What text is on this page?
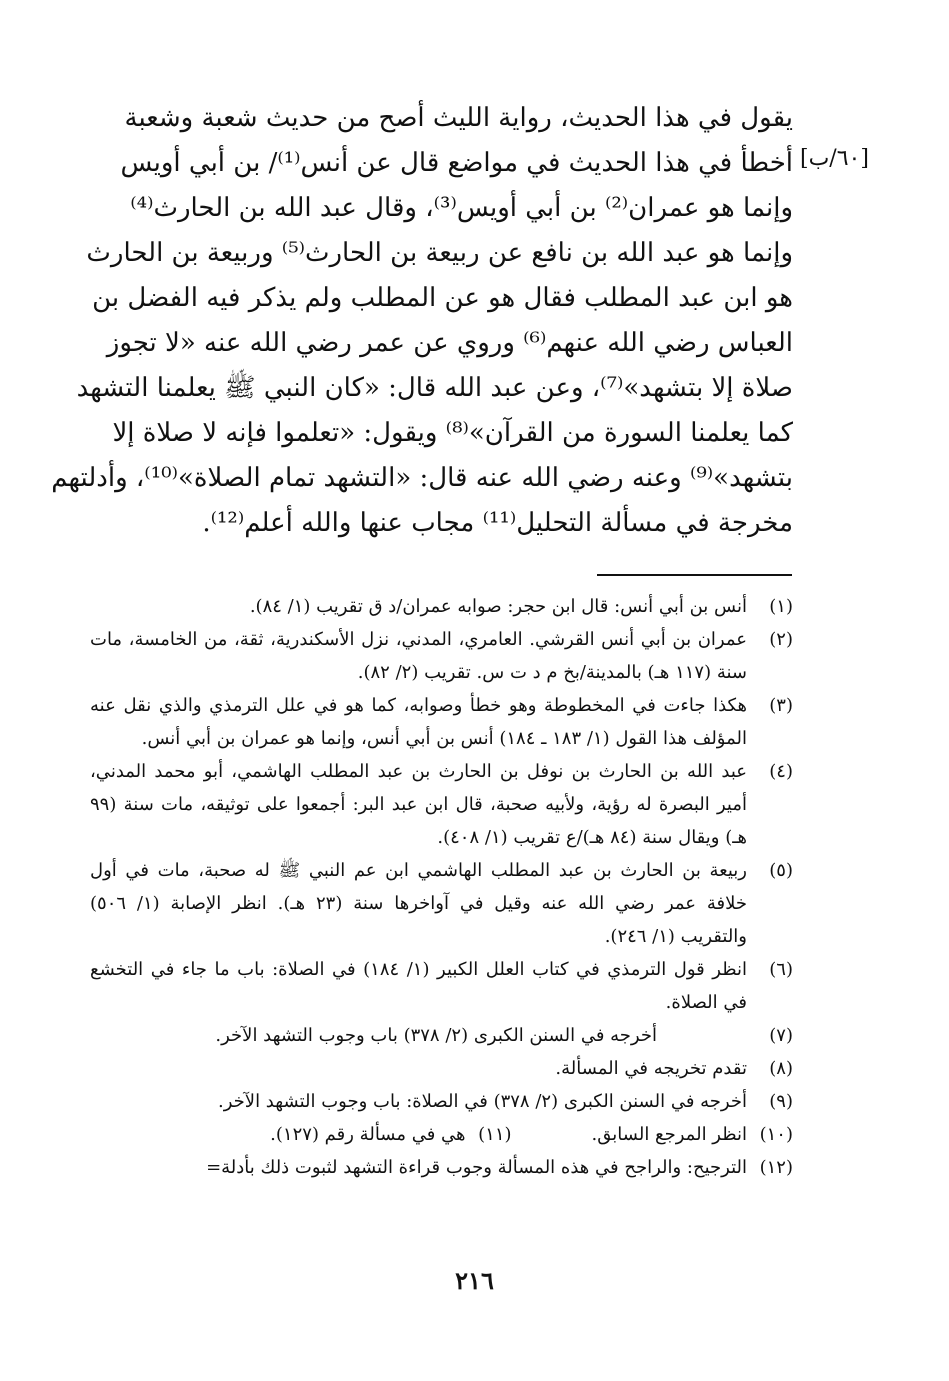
[٦٠/ب]
يقول في هذا الحديث، رواية الليث أصح من حديث شعبة وشعبة
أخطأ في هذا الحديث في مواضع قال عن أنس⁽¹⁾/ بن أبي أويس
وإنما هو عمران⁽²⁾ بن أبي أويس⁽³⁾، وقال عبد الله بن الحارث⁽⁴⁾
وإنما هو عبد الله بن نافع عن ربيعة بن الحارث⁽⁵⁾ وربيعة بن الحارث
هو ابن عبد المطلب فقال هو عن المطلب ولم يذكر فيه الفضل بن
العباس رضي الله عنهم⁽⁶⁾ وروي عن عمر رضي الله عنه «لا تجوز
صلاة إلا بتشهد»⁽⁷⁾، وعن عبد الله قال: «كان النبي ﷺ يعلمنا التشهد
كما يعلمنا السورة من القرآن»⁽⁸⁾ ويقول: «تعلموا فإنه لا صلاة إلا
بتشهد»⁽⁹⁾ وعنه رضي الله عنه قال: «التشهد تمام الصلاة»⁽¹⁰⁾، وأدلتهم
مخرجة في مسألة التحليل⁽¹¹⁾ مجاب عنها والله أعلم⁽¹²⁾.
(١)
أنس بن أبي أنس: قال ابن حجر: صوابه عمران/د ق تقريب (١/ ٨٤).
(٢)
عمران بن أبي أنس القرشي. العامري، المدني، نزل الأسكندرية، ثقة، من الخامسة، مات سنة (١١٧ هـ) بالمدينة/بخ م د ت س. تقريب (٢/ ٨٢).
(٣)
هكذا جاءت في المخطوطة وهو خطأ وصوابه، كما هو في علل الترمذي والذي نقل عنه المؤلف هذا القول (١/ ١٨٣ ـ ١٨٤) أنس بن أبي أنس، وإنما هو عمران بن أبي أنس.
(٤)
عبد الله بن الحارث بن نوفل بن الحارث بن عبد المطلب الهاشمي، أبو محمد المدني، أمير البصرة له رؤية، ولأبيه صحبة، قال ابن عبد البر: أجمعوا على توثيقه، مات سنة (٩٩ هـ) ويقال سنة (٨٤ هـ)/ع تقريب (١/ ٤٠٨).
(٥)
ربيعة بن الحارث بن عبد المطلب الهاشمي ابن عم النبي ﷺ له صحبة، مات في أول خلافة عمر رضي الله عنه وقيل في آواخرها سنة (٢٣ هـ). انظر الإصابة (١/ ٥٠٦) والتقريب (١/ ٢٤٦).
(٦)
انظر قول الترمذي في كتاب العلل الكبير (١/ ١٨٤) في الصلاة: باب ما جاء في التخشع في الصلاة.
(٧)
أخرجه في السنن الكبرى (٢/ ٣٧٨) باب وجوب التشهد الآخر.
(٨)
تقدم تخريجه في المسألة.
(٩)
أخرجه في السنن الكبرى (٢/ ٣٧٨) في الصلاة: باب وجوب التشهد الآخر.
(١٠)
انظر المرجع السابق.
(١١)
هي في مسألة رقم (١٢٧).
(١٢)
الترجيح: والراجح في هذه المسألة وجوب قراءة التشهد لثبوت ذلك بأدلة=
٢١٦
